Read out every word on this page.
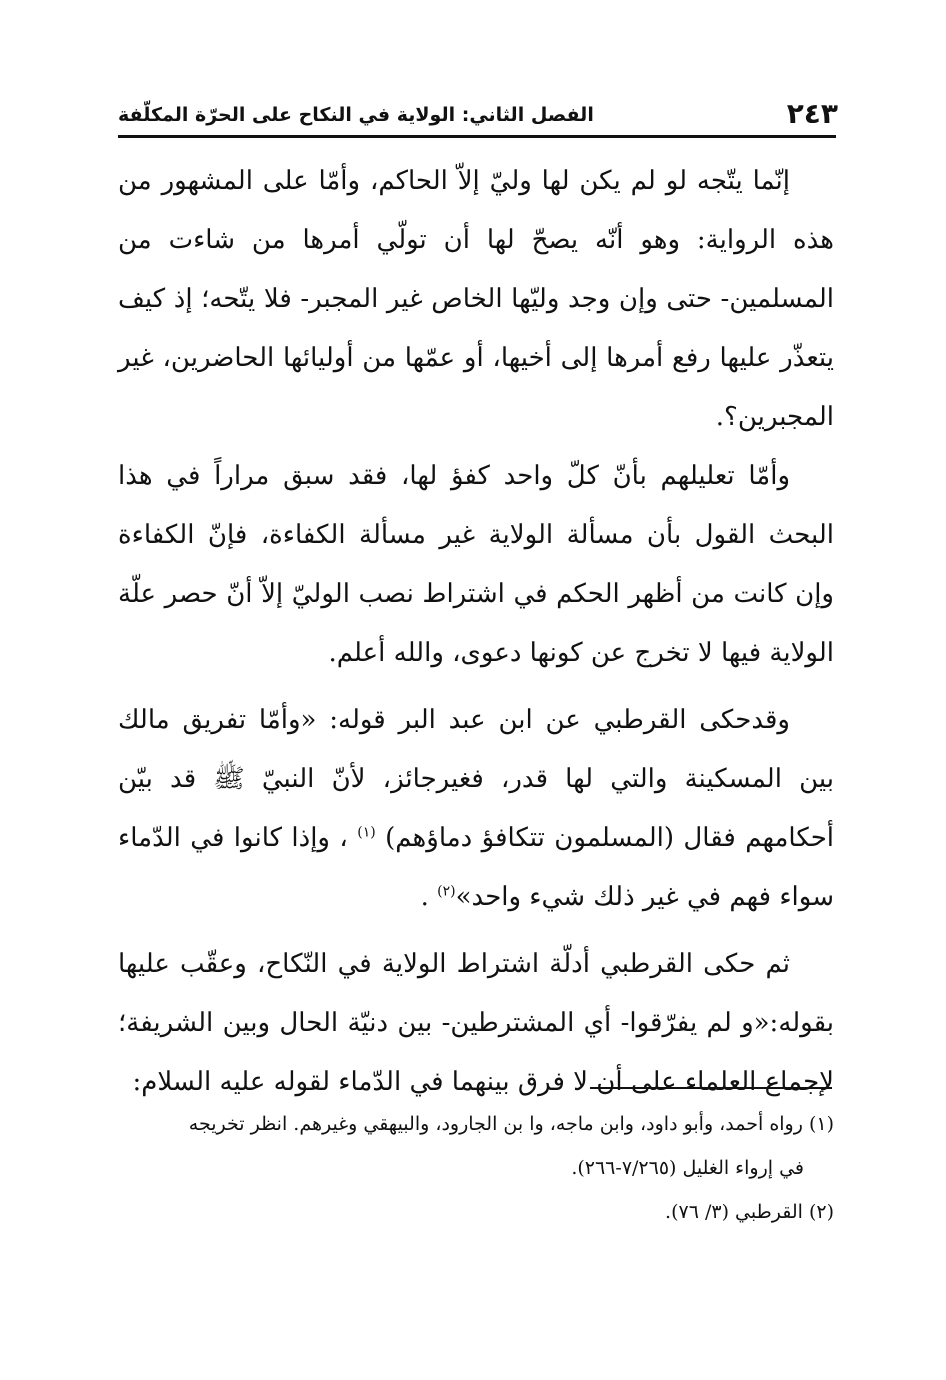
٢٤٣
الفصل الثاني: الولاية في النكاح على الحرّة المكلّفة

إنّما يتّجه لو لم يكن لها وليّ إلاّ الحاكم، وأمّا على المشهور من هذه الرواية: وهو أنّه يصحّ لها أن تولّي أمرها من شاءت من المسلمين- حتى وإن وجد وليّها الخاص غير المجبر- فلا يتّحه؛ إذ كيف يتعذّر عليها رفع أمرها إلى أخيها، أو عمّها من أوليائها الحاضرين، غير المجبرين؟.

وأمّا تعليلهم بأنّ كلّ واحد كفؤ لها، فقد سبق مراراً في هذا البحث القول بأن مسألة الولاية غير مسألة الكفاءة، فإنّ الكفاءة وإن كانت من أظهر الحكم في اشتراط نصب الوليّ إلاّ أنّ حصر علّة الولاية فيها لا تخرج عن كونها دعوى، والله أعلم.

وقدحكى القرطبي عن ابن عبد البر قوله: «وأمّا تفريق مالك بين المسكينة والتي لها قدر، فغيرجائز، لأنّ النبيّ ﷺ قد بيّن أحكامهم فقال (المسلمون تتكافؤ دماؤهم) $^{(١)}$ ، وإذا كانوا في الدّماء سواء فهم في غير ذلك شيء واحد»$^{(٢)}$ .

ثم حكى القرطبي أدلّة اشتراط الولاية في النّكاح، وعقّب عليها بقوله:«و لم يفرّقوا- أي المشترطين- بين دنيّة الحال وبين الشريفة؛ لإجماع العلماء على أن لا فرق بينهما في الدّماء لقوله عليه السلام:

(١) رواه أحمد، وأبو داود، وابن ماجه، وا بن الجارود، والبيهقي وغيرهم. انظر تخريجه

في إرواء الغليل (٧/٢٦٥-٢٦٦).

(٢) القرطبي (٣/ ٧٦).
